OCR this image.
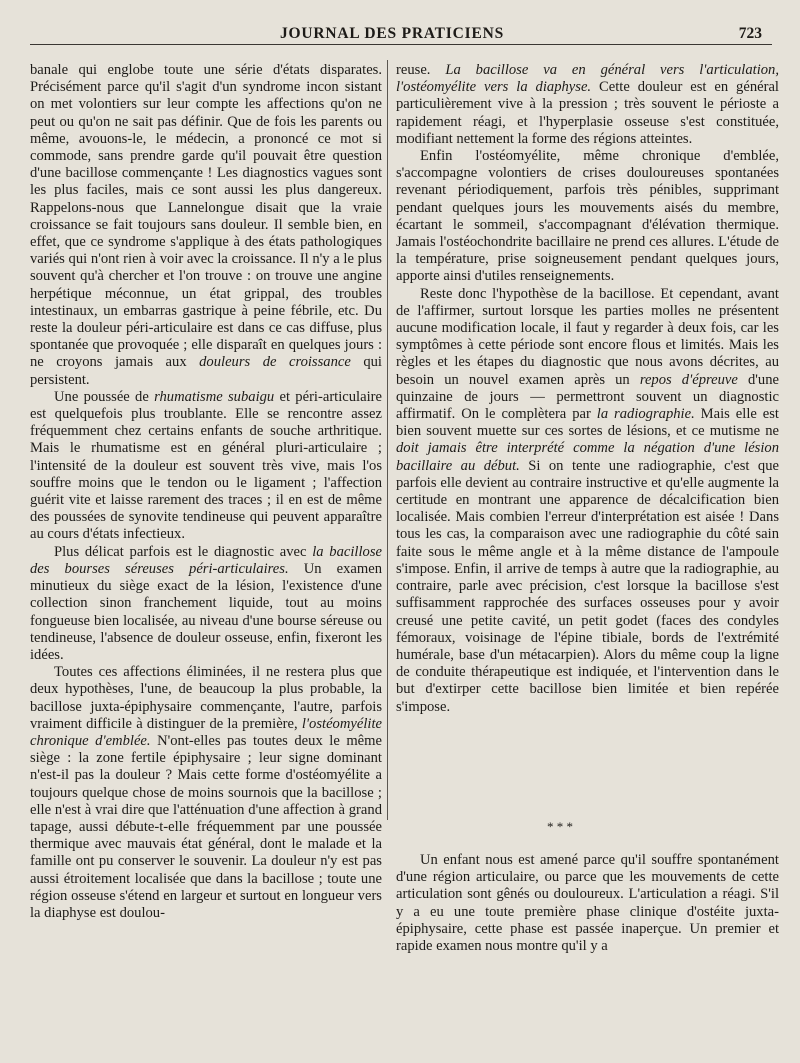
JOURNAL DES PRATICIENS	723

banale qui englobe toute une série d'états disparates. Précisément parce qu'il s'agit d'un syndrome incon sistant on met volontiers sur leur compte les affections qu'on ne peut ou qu'on ne sait pas définir. Que de fois les parents ou même, avouons-le, le médecin, a prononcé ce mot si commode, sans prendre garde qu'il pouvait être question d'une bacillose commençante ! Les diagnostics vagues sont les plus faciles, mais ce sont aussi les plus dangereux. Rappelons-nous que Lannelongue disait que la vraie croissance se fait toujours sans douleur. Il semble bien, en effet, que ce syndrome s'applique à des états pathologiques variés qui n'ont rien à voir avec la croissance. Il n'y a le plus souvent qu'à chercher et l'on trouve : on trouve une angine herpétique méconnue, un état grippal, des troubles intestinaux, un embarras gastrique à peine fébrile, etc. Du reste la douleur péri-articulaire est dans ce cas diffuse, plus spontanée que provoquée ; elle disparaît en quelques jours : ne croyons jamais aux douleurs de croissance qui persistent.

Une poussée de rhumatisme subaigu et péri-articulaire est quelquefois plus troublante. Elle se rencontre assez fréquemment chez certains enfants de souche arthritique. Mais le rhumatisme est en général pluri-articulaire ; l'intensité de la douleur est souvent très vive, mais l'os souffre moins que le tendon ou le ligament ; l'affection guérit vite et laisse rarement des traces ; il en est de même des poussées de synovite tendineuse qui peuvent apparaître au cours d'états infectieux.

Plus délicat parfois est le diagnostic avec la bacillose des bourses séreuses péri-articulaires. Un examen minutieux du siège exact de la lésion, l'existence d'une collection sinon franchement liquide, tout au moins fongueuse bien localisée, au niveau d'une bourse séreuse ou tendineuse, l'absence de douleur osseuse, enfin, fixeront les idées.

Toutes ces affections éliminées, il ne restera plus que deux hypothèses, l'une, de beaucoup la plus probable, la bacillose juxta-épiphysaire commençante, l'autre, parfois vraiment difficile à distinguer de la première, l'ostéomyélite chronique d'emblée. N'ont-elles pas toutes deux le même siège : la zone fertile épiphysaire ; leur signe dominant n'est-il pas la douleur ? Mais cette forme d'ostéomyélite a toujours quelque chose de moins sournois que la bacillose ; elle n'est à vrai dire que l'atténuation d'une affection à grand tapage, aussi débute-t-elle fréquemment par une poussée thermique avec mauvais état général, dont le malade et la famille ont pu conserver le souvenir. La douleur n'y est pas aussi étroitement localisée que dans la bacillose ; toute une région osseuse s'étend en largeur et surtout en longueur vers la diaphyse est doulou-

reuse. La bacillose va en général vers l'articulation, l'ostéomyélite vers la diaphyse. Cette douleur est en général particulièrement vive à la pression ; très souvent le périoste a rapidement réagi, et l'hyperplasie osseuse s'est constituée, modifiant nettement la forme des régions atteintes.

Enfin l'ostéomyélite, même chronique d'emblée, s'accompagne volontiers de crises douloureuses spontanées revenant périodiquement, parfois très pénibles, supprimant pendant quelques jours les mouvements aisés du membre, écartant le sommeil, s'accompagnant d'élévation thermique. Jamais l'ostéochondrite bacillaire ne prend ces allures. L'étude de la température, prise soigneusement pendant quelques jours, apporte ainsi d'utiles renseignements.

Reste donc l'hypothèse de la bacillose. Et cependant, avant de l'affirmer, surtout lorsque les parties molles ne présentent aucune modification locale, il faut y regarder à deux fois, car les symptômes à cette période sont encore flous et limités. Mais les règles et les étapes du diagnostic que nous avons décrites, au besoin un nouvel examen après un repos d'épreuve d'une quinzaine de jours — permettront souvent un diagnostic affirmatif. On le complètera par la radiographie. Mais elle est bien souvent muette sur ces sortes de lésions, et ce mutisme ne doit jamais être interprété comme la négation d'une lésion bacillaire au début. Si on tente une radiographie, c'est que parfois elle devient au contraire instructive et qu'elle augmente la certitude en montrant une apparence de décalcification bien localisée. Mais combien l'erreur d'interprétation est aisée ! Dans tous les cas, la comparaison avec une radiographie du côté sain faite sous le même angle et à la même distance de l'ampoule s'impose. Enfin, il arrive de temps à autre que la radiographie, au contraire, parle avec précision, c'est lorsque la bacillose s'est suffisamment rapprochée des surfaces osseuses pour y avoir creusé une petite cavité, un petit godet (faces des condyles fémoraux, voisinage de l'épine tibiale, bords de l'extrémité humérale, base d'un métacarpien). Alors du même coup la ligne de conduite thérapeutique est indiquée, et l'intervention dans le but d'extirper cette bacillose bien limitée et bien repérée s'impose.

* * *

Un enfant nous est amené parce qu'il souffre spontanément d'une région articulaire, ou parce que les mouvements de cette articulation sont gênés ou douloureux. L'articulation a réagi. S'il y a eu une toute première phase clinique d'ostéite juxta-épiphysaire, cette phase est passée inaperçue. Un premier et rapide examen nous montre qu'il y a
